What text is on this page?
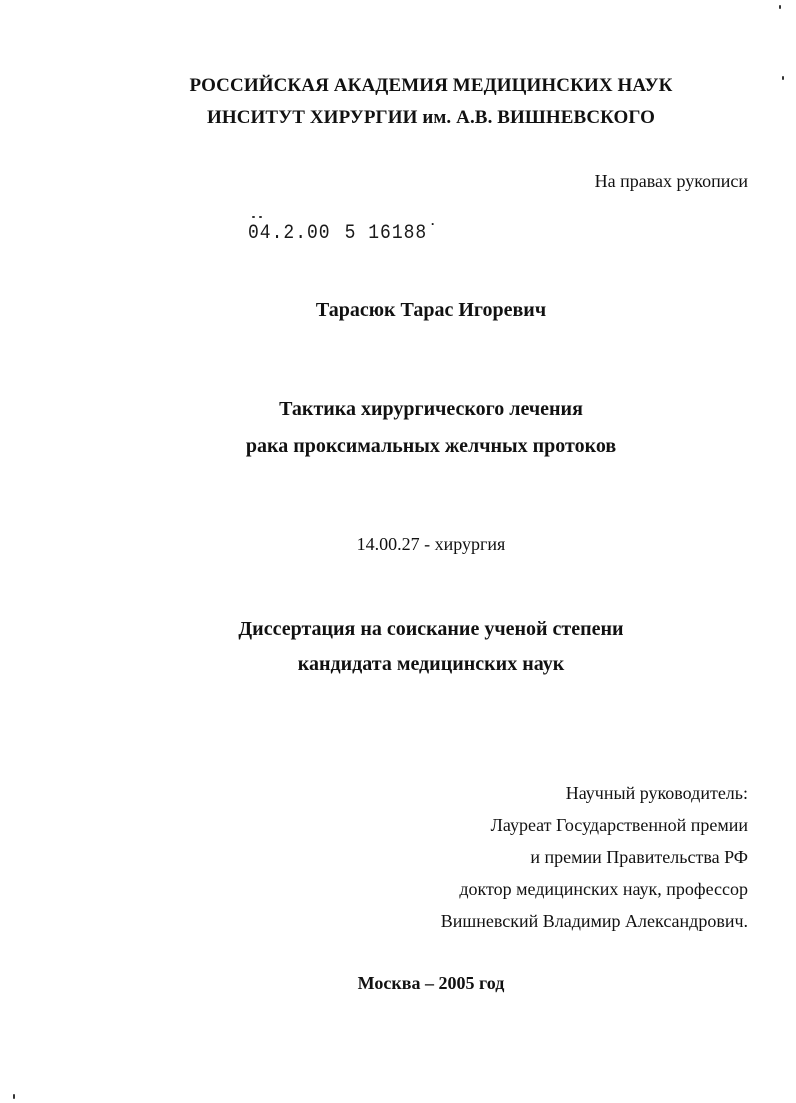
РОССИЙСКАЯ АКАДЕМИЯ МЕДИЦИНСКИХ НАУК
ИНСИТУТ ХИРУРГИИ им. А.В. ВИШНЕВСКОГО
На правах рукописи
04.2.00 5 16188˙
Тарасюк Тарас Игоревич
Тактика хирургического лечения
рака проксимальных желчных протоков
14.00.27 - хирургия
Диссертация на соискание ученой степени
кандидата медицинских наук
Научный руководитель:
Лауреат Государственной премии
и премии Правительства РФ
доктор медицинских наук, профессор
Вишневский Владимир Александрович.
Москва – 2005 год
